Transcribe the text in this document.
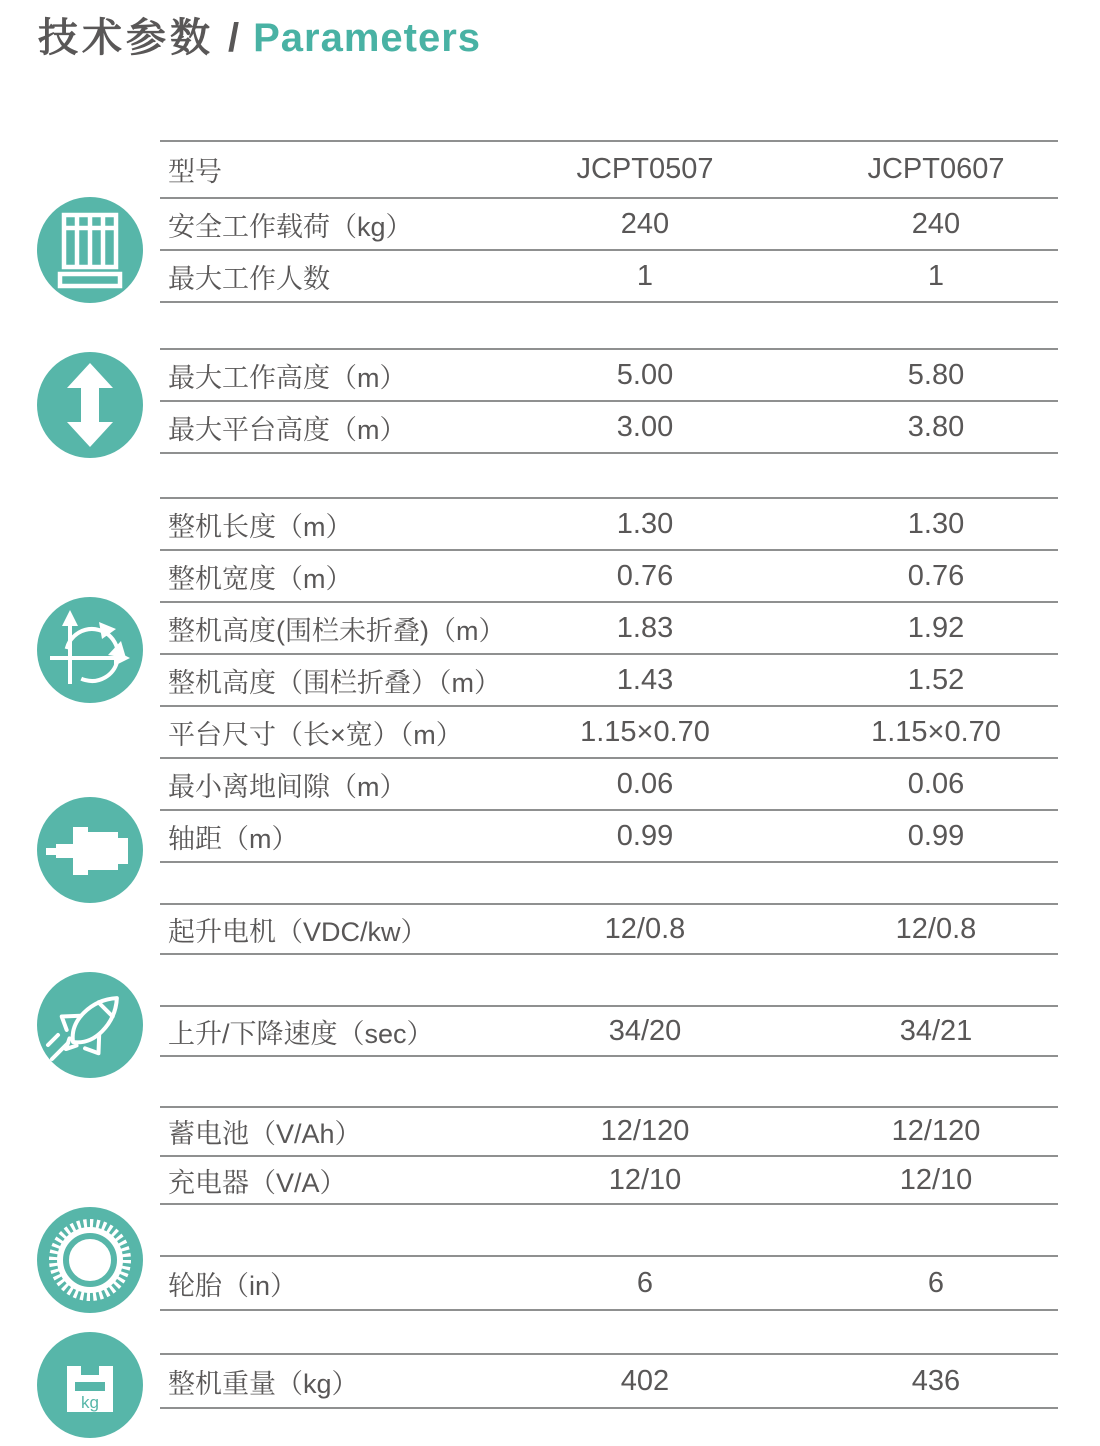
技术参数 / Parameters
kg
型号	JCPT0507	JCPT0607
安全工作载荷（kg）	240	240
最大工作人数	1	1
最大工作高度（m）	5.00	5.80
最大平台高度（m）	3.00	3.80
整机长度（m）	1.30	1.30
整机宽度（m）	0.76	0.76
整机高度(围栏未折叠)（m）	1.83	1.92
整机高度（围栏折叠）（m）	1.43	1.52
平台尺寸（长×宽）（m）	1.15×0.70	1.15×0.70
最小离地间隙（m）	0.06	0.06
轴距（m）	0.99	0.99
起升电机（VDC/kw）	12/0.8	12/0.8
上升/下降速度（sec）	34/20	34/21
蓄电池（V/Ah）	12/120	12/120
充电器（V/A）	12/10	12/10
轮胎（in）	6	6
整机重量（kg）	402	436
